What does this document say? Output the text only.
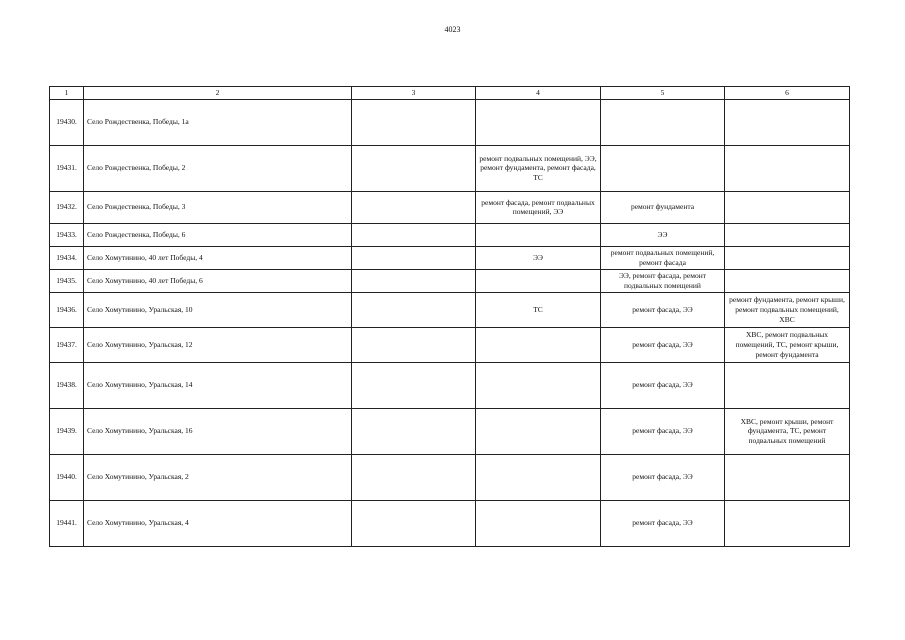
4023
1	2	3	4	5	6
19430.	Село Рождественка, Победы, 1а				
19431.	Село Рождественка, Победы, 2		ремонт подвальных помещений, ЭЭ, ремонт фундамента, ремонт фасада, ТС		
19432.	Село Рождественка, Победы, 3		ремонт фасада, ремонт подвальных помещений, ЭЭ	ремонт фундамента	
19433.	Село Рождественка, Победы, 6			ЭЭ	
19434.	Село Хомутинино, 40 лет Победы, 4		ЭЭ	ремонт подвальных помещений, ремонт фасада	
19435.	Село Хомутинино, 40 лет Победы, 6			ЭЭ, ремонт фасада, ремонт подвальных помещений	
19436.	Село Хомутинино, Уральская, 10		ТС	ремонт фасада, ЭЭ	ремонт фундамента, ремонт крыши, ремонт подвальных помещений, ХВС
19437.	Село Хомутинино, Уральская, 12			ремонт фасада, ЭЭ	ХВС, ремонт подвальных помещений, ТС, ремонт крыши, ремонт фундамента
19438.	Село Хомутинино, Уральская, 14			ремонт фасада, ЭЭ	
19439.	Село Хомутинино, Уральская, 16			ремонт фасада, ЭЭ	ХВС, ремонт крыши, ремонт фундамента, ТС, ремонт подвальных помещений
19440.	Село Хомутинино, Уральская, 2			ремонт фасада, ЭЭ	
19441.	Село Хомутинино, Уральская, 4			ремонт фасада, ЭЭ	
